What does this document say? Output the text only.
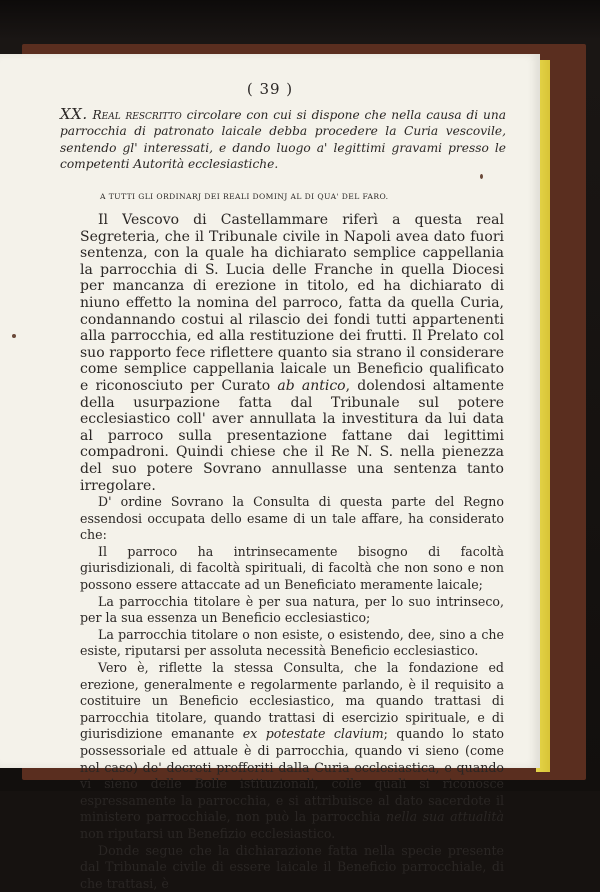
( 39 )
XX. Real rescritto circolare con cui si dispone che nella causa di una parrocchia di patronato laicale debba procedere la Curia vescovile, sentendo gl' interessati, e dando luogo a' legittimi gravami presso le competenti Autorità ecclesiastiche.
A TUTTI GLI ORDINARJ DEI REALI DOMINJ AL DI QUA' DEL FARO.

Il Vescovo di Castellammare riferì a questa real Segreteria, che il Tribunale civile in Napoli avea dato fuori sentenza, con la quale ha dichiarato semplice cappellania la parrocchia di S. Lucia delle Franche in quella Diocesi per mancanza di erezione in titolo, ed ha dichiarato di niuno effetto la nomina del parroco, fatta da quella Curia, condannando costui al rilascio dei fondi tutti appartenenti alla parrocchia, ed alla restituzione dei frutti. Il Prelato col suo rapporto fece riflettere quanto sia strano il considerare come semplice cappellania laicale un Beneficio qualificato e riconosciuto per Curato ab antico, dolendosi altamente della usurpazione fatta dal Tribunale sul potere ecclesiastico coll' aver annullata la investitura da lui data al parroco sulla presentazione fattane dai legittimi compadroni. Quindi chiese che il Re N. S. nella pienezza del suo potere Sovrano annullasse una sentenza tanto irregolare.

D' ordine Sovrano la Consulta di questa parte del Regno essendosi occupata dello esame di un tale affare, ha considerato che:

Il parroco ha intrinsecamente bisogno di facoltà giurisdizionali, di facoltà spirituali, di facoltà che non sono e non possono essere attaccate ad un Beneficiato meramente laicale;

La parrocchia titolare è per sua natura, per lo suo intrinseco, per la sua essenza un Beneficio ecclesiastico;

La parrocchia titolare o non esiste, o esistendo, dee, sino a che esiste, riputarsi per assoluta necessità Beneficio ecclesiastico.

Vero è, riflette la stessa Consulta, che la fondazione ed erezione, generalmente e regolarmente parlando, è il requisito a costituire un Beneficio ecclesiastico, ma quando trattasi di parrocchia titolare, quando trattasi di esercizio spirituale, e di giurisdizione emanante ex potestate clavium; quando lo stato possessoriale ed attuale è di parrocchia, quando vi sieno (come nel caso) de' decreti profferiti dalla Curia ecclesiastica, e quando vi sieno delle Bolle istituzionali, colle quali si riconosce espressamente la parrocchia, e si attribuisce al dato sacerdote il ministero parrocchiale, non può la parrocchia nella sua attualità non riputarsi un Benefizio ecclesiastico.

Donde segue che la dichiarazione fatta nella specie presente dal Tribunale civile di essere laicale il Beneficio parrocchiale, di che trattasi, è
